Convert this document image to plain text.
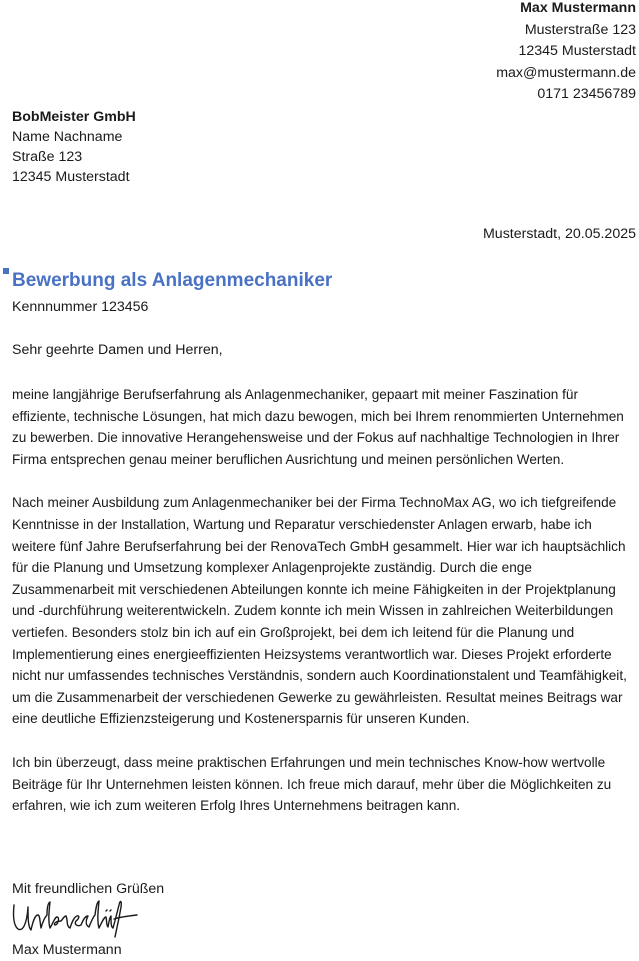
Max Mustermann
Musterstraße 123
12345 Musterstadt
max@mustermann.de
0171 23456789
BobMeister GmbH
Name Nachname
Straße 123
12345 Musterstadt
Musterstadt, 20.05.2025
Bewerbung als Anlagenmechaniker
Kennnummer 123456
Sehr geehrte Damen und Herren,

meine langjährige Berufserfahrung als Anlagenmechaniker, gepaart mit meiner Faszination für effiziente, technische Lösungen, hat mich dazu bewogen, mich bei Ihrem renommierten Unternehmen zu bewerben. Die innovative Herangehensweise und der Fokus auf nachhaltige Technologien in Ihrer Firma entsprechen genau meiner beruflichen Ausrichtung und meinen persönlichen Werten.

Nach meiner Ausbildung zum Anlagenmechaniker bei der Firma TechnoMax AG, wo ich tiefgreifende Kenntnisse in der Installation, Wartung und Reparatur verschiedenster Anlagen erwarb, habe ich weitere fünf Jahre Berufserfahrung bei der RenovaTech GmbH gesammelt. Hier war ich hauptsächlich für die Planung und Umsetzung komplexer Anlagenprojekte zuständig. Durch die enge Zusammenarbeit mit verschiedenen Abteilungen konnte ich meine Fähigkeiten in der Projektplanung und -durchführung weiterentwickeln. Zudem konnte ich mein Wissen in zahlreichen Weiterbildungen vertiefen. Besonders stolz bin ich auf ein Großprojekt, bei dem ich leitend für die Planung und Implementierung eines energieeffizienten Heizsystems verantwortlich war. Dieses Projekt erforderte nicht nur umfassendes technisches Verständnis, sondern auch Koordinationstalent und Teamfähigkeit, um die Zusammenarbeit der verschiedenen Gewerke zu gewährleisten. Resultat meines Beitrags war eine deutliche Effizienzsteigerung und Kostenersparnis für unseren Kunden.

Ich bin überzeugt, dass meine praktischen Erfahrungen und mein technisches Know-how wertvolle Beiträge für Ihr Unternehmen leisten können. Ich freue mich darauf, mehr über die Möglichkeiten zu erfahren, wie ich zum weiteren Erfolg Ihres Unternehmens beitragen kann.

Mit freundlichen Grüßen
Max Mustermann
